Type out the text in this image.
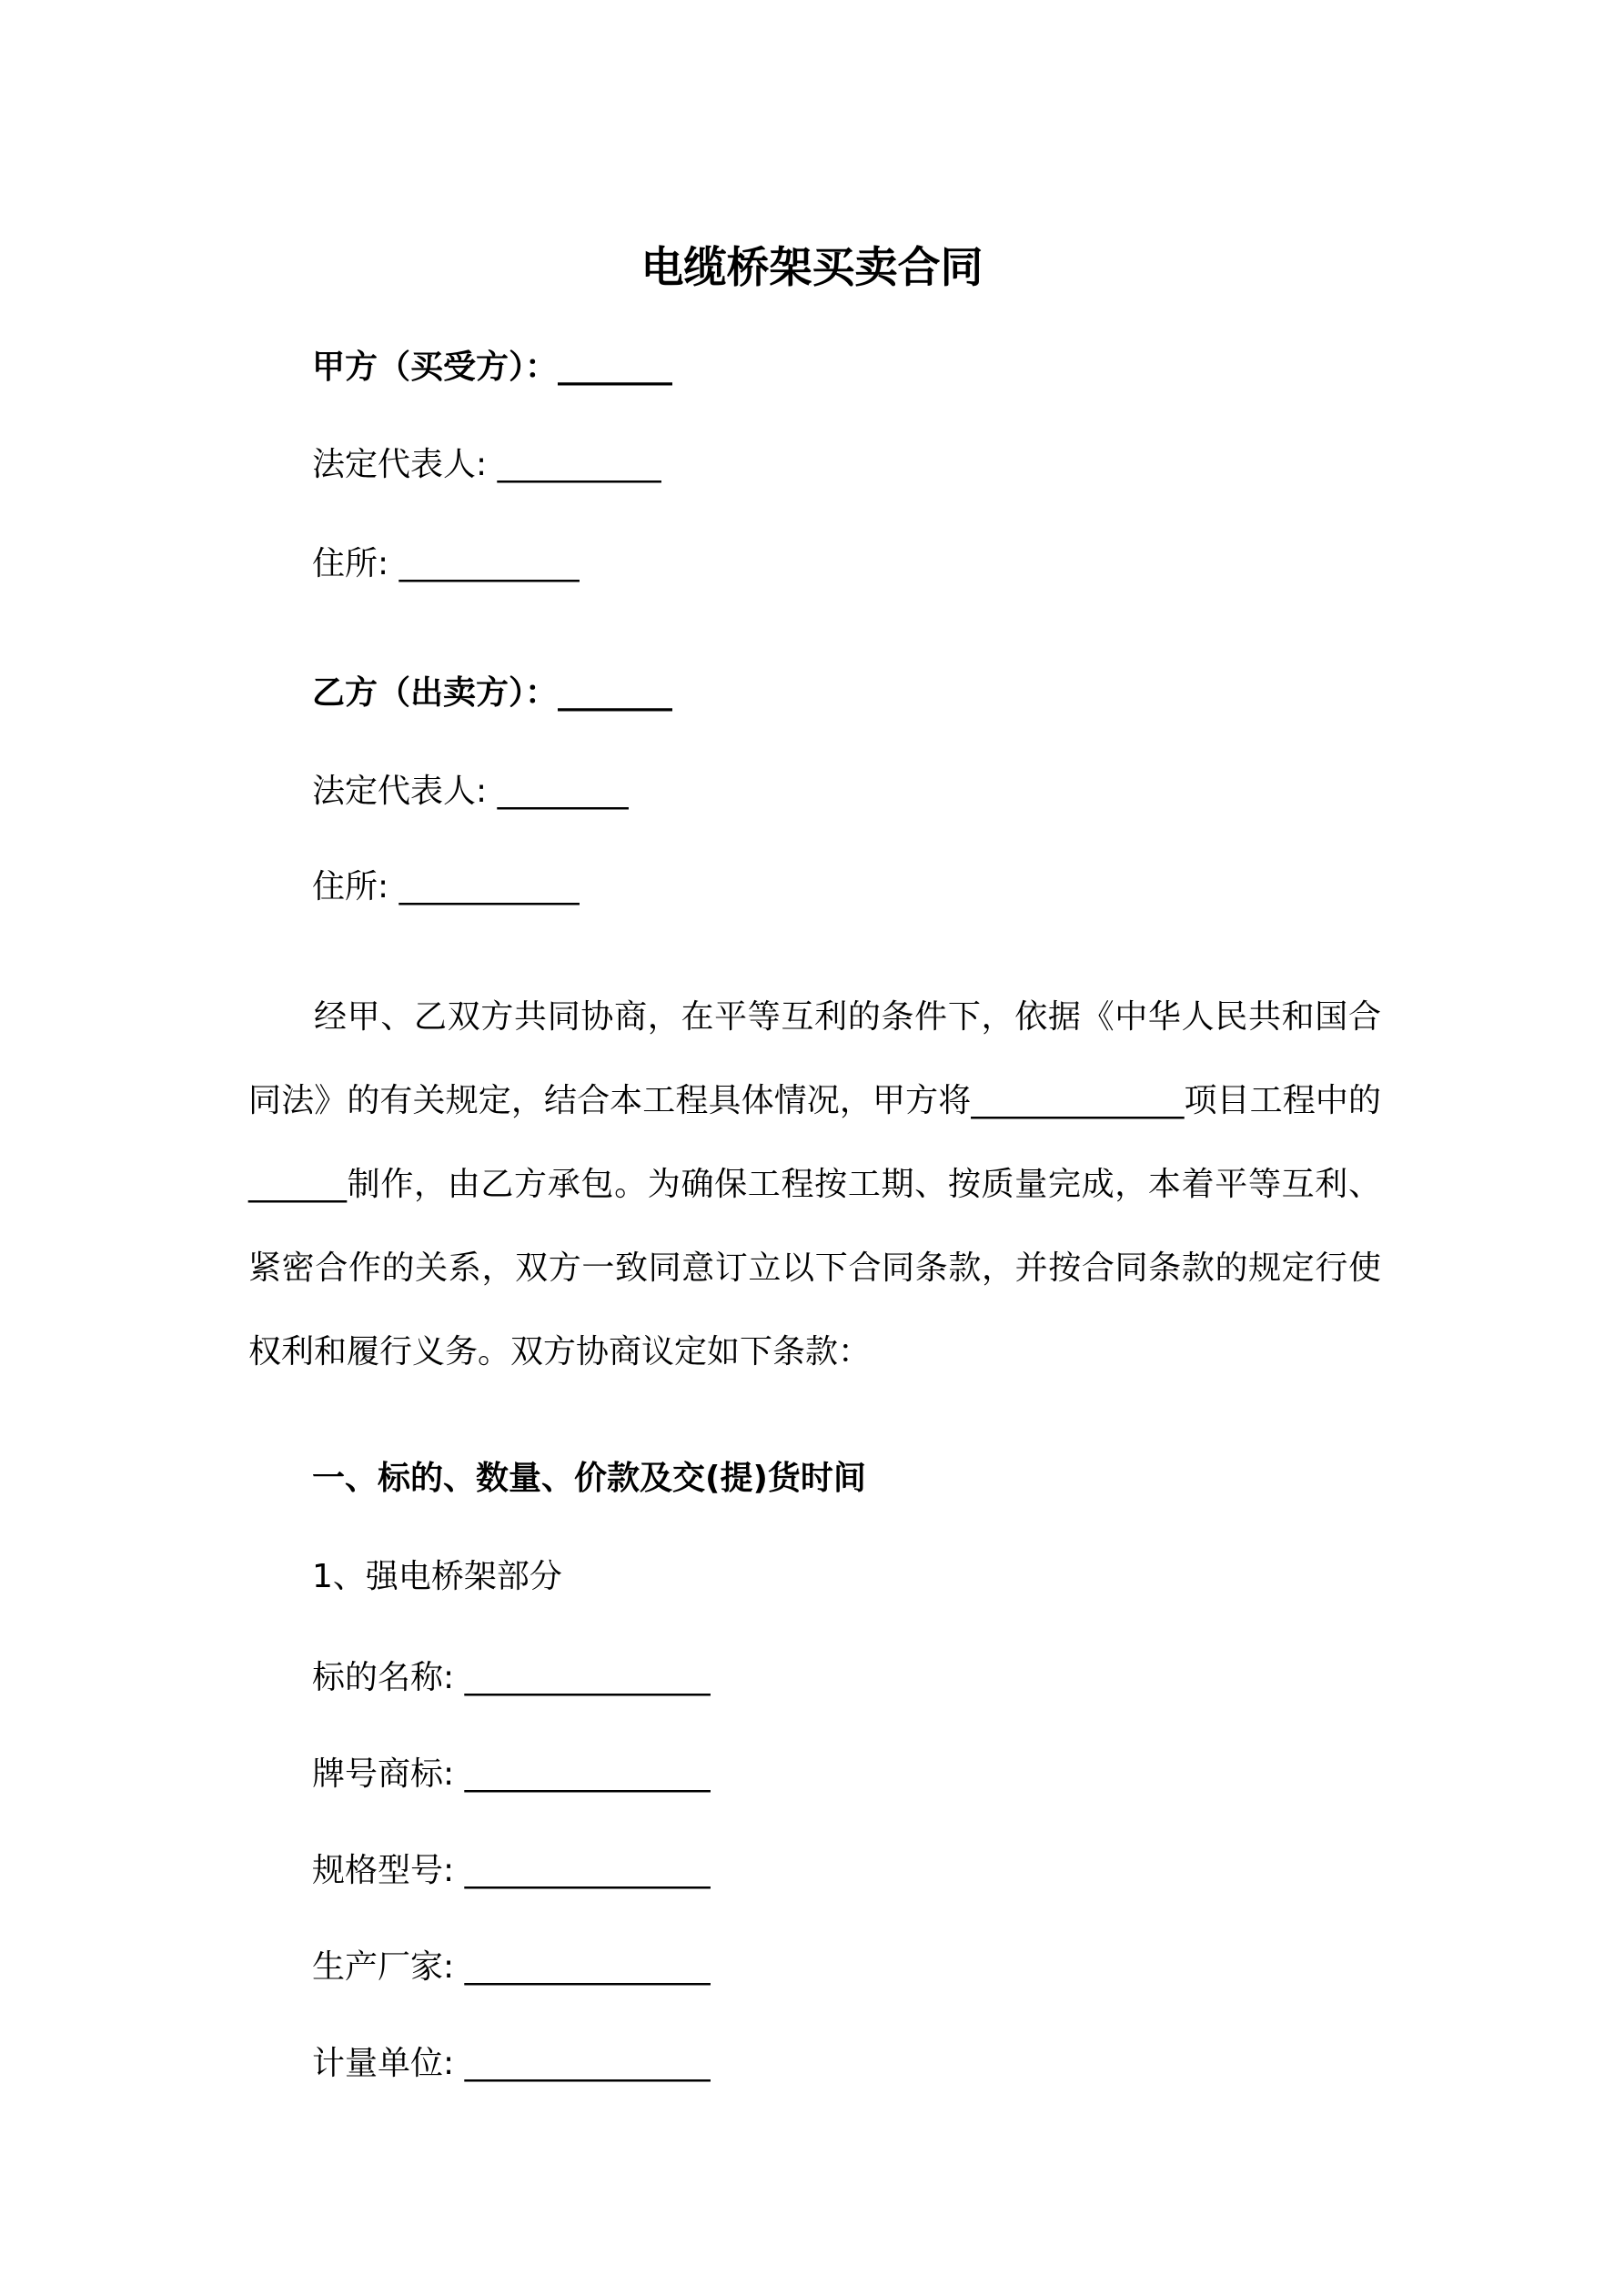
电缆桥架买卖合同
甲方（买受方）：_______
法定代表人: __________
住所: ___________
乙方（出卖方）：_______
法定代表人: ________
住所: ___________
经甲、乙双方共同协商，在平等互利的条件下，依据《中华人民共和国合同法》的有关规定，结合本工程具体情况，甲方将_____________项目工程中的______制作，由乙方承包。为确保工程按工期、按质量完成，本着平等互利、紧密合作的关系，双方一致同意订立以下合同条款，并按合同条款的规定行使权利和履行义务。双方协商议定如下条款：
一、标的、数量、价款及交(提)货时间
1、强电桥架部分
标的名称: _______________
牌号商标: _______________
规格型号: _______________
生产厂家: _______________
计量单位: _______________
